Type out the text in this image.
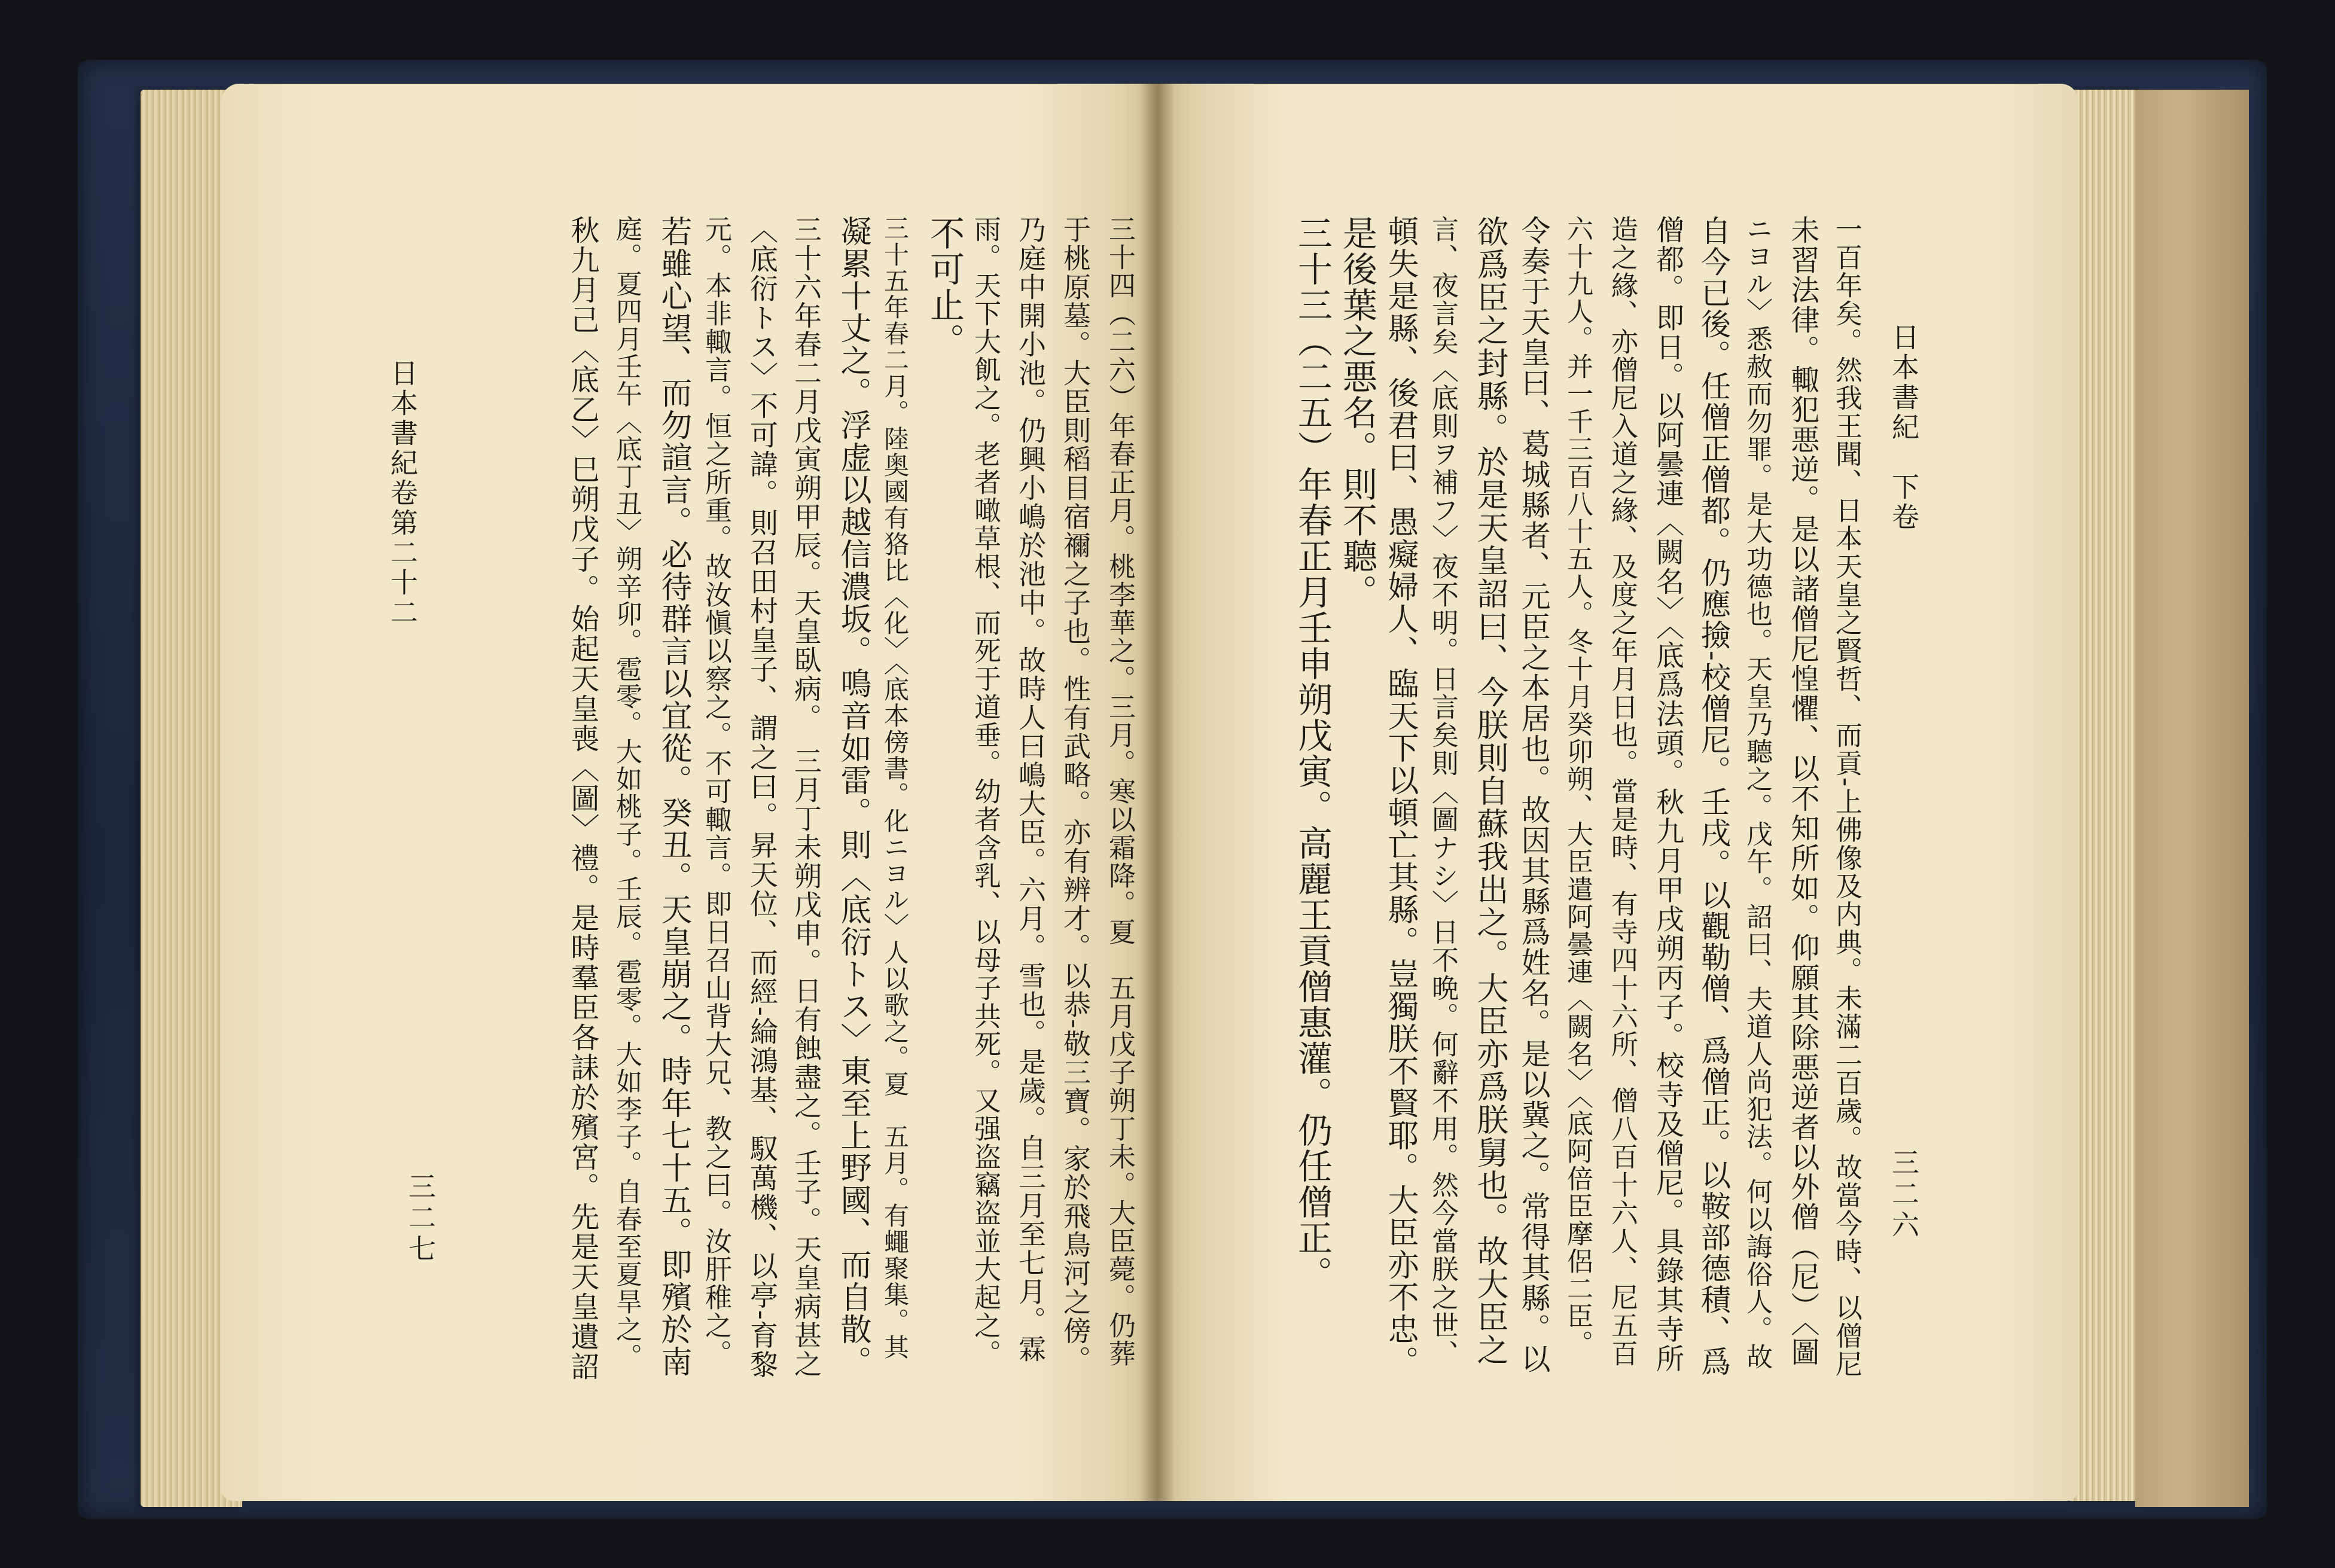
日本書紀　下卷
三二六
一百年矣。然我王聞、日本天皇之賢哲、而貢-上佛像及内典。未滿二百歲。故當今時、以僧尼
未習法律。輙犯悪逆。是以諸僧尼惶懼、以不知所如。仰願其除悪逆者以外僧（尼）〈圖
ニヨル〉悉赦而勿罪。是大功德也。天皇乃聽之。戊午。詔曰、夫道人尚犯法。何以誨俗人。故
自今已後。任僧正僧都。仍應撿-校僧尼。壬戌。以觀勒僧、爲僧正。以鞍部德積、爲
僧都。即日。以阿曇連〈闕名〉〈底爲法頭。秋九月甲戌朔丙子。校寺及僧尼。具錄其寺所
造之緣、亦僧尼入道之緣、及度之年月日也。當是時、有寺四十六所、僧八百十六人、尼五百
六十九人。并一千三百八十五人。冬十月癸卯朔、大臣遣阿曇連〈闕名〉〈底阿倍臣摩侶二臣。
令奏于天皇曰、葛城縣者、元臣之本居也。故因其縣爲姓名。是以冀之。常得其縣。以
欲爲臣之封縣。於是天皇詔曰、今朕則自蘇我出之。大臣亦爲朕舅也。故大臣之
言、夜言矣〈底則ヲ補フ〉夜不明。日言矣則〈圖ナシ〉日不晩。何辭不用。然今當朕之世、
頓失是縣、後君曰、愚癡婦人、臨天下以頓亡其縣。豈獨朕不賢耶。大臣亦不忠。
是後葉之悪名。則不聽。
三十三（二五）年春正月壬申朔戊寅。高麗王貢僧惠灌。仍任僧正。
三十四（二六）年春正月。桃李華之。三月。寒以霜降。夏　五月戊子朔丁未。大臣薨。仍葬
于桃原墓。大臣則稻目宿禰之子也。性有武略。亦有辨才。以恭-敬三寶。家於飛鳥河之傍。
乃庭中開小池。仍興小嶋於池中。故時人曰嶋大臣。六月。雪也。是歲。自三月至七月。霖
雨。天下大飢之。老者噉草根、而死于道垂。幼者含乳、以母子共死。又强盗竊盗並大起之。
不可止。
三十五年春二月。陸奥國有狢比〈化〉〈底本傍書。化ニヨル〉人以歌之。夏　五月。有蠅聚集。其
凝累十丈之。浮虚以越信濃坂。鳴音如雷。則〈底衍トス〉東至上野國、而自散。
三十六年春二月戊寅朔甲辰。天皇臥病。　三月丁未朔戊申。日有蝕盡之。壬子。天皇病甚之
〈底衍トス〉不可諱。則召田村皇子、謂之曰。昇天位、而經-綸鴻基、馭萬機、以亭-育黎
元。本非輙言。恒之所重。故汝愼以察之。不可輙言。即日召山背大兄、教之曰。汝肝稚之。
若雖心望、而勿諠言。必待群言以宜從。癸丑。天皇崩之。時年七十五。即殯於南
庭。夏四月壬午〈底丁丑〉朔辛卯。雹零。大如桃子。壬辰。雹零。大如李子。自春至夏旱之。
秋九月己〈底乙〉巳朔戊子。始起天皇喪〈圖〉禮。是時羣臣各誄於殯宮。先是天皇遺詔
日本書紀卷第二十二
三二七
